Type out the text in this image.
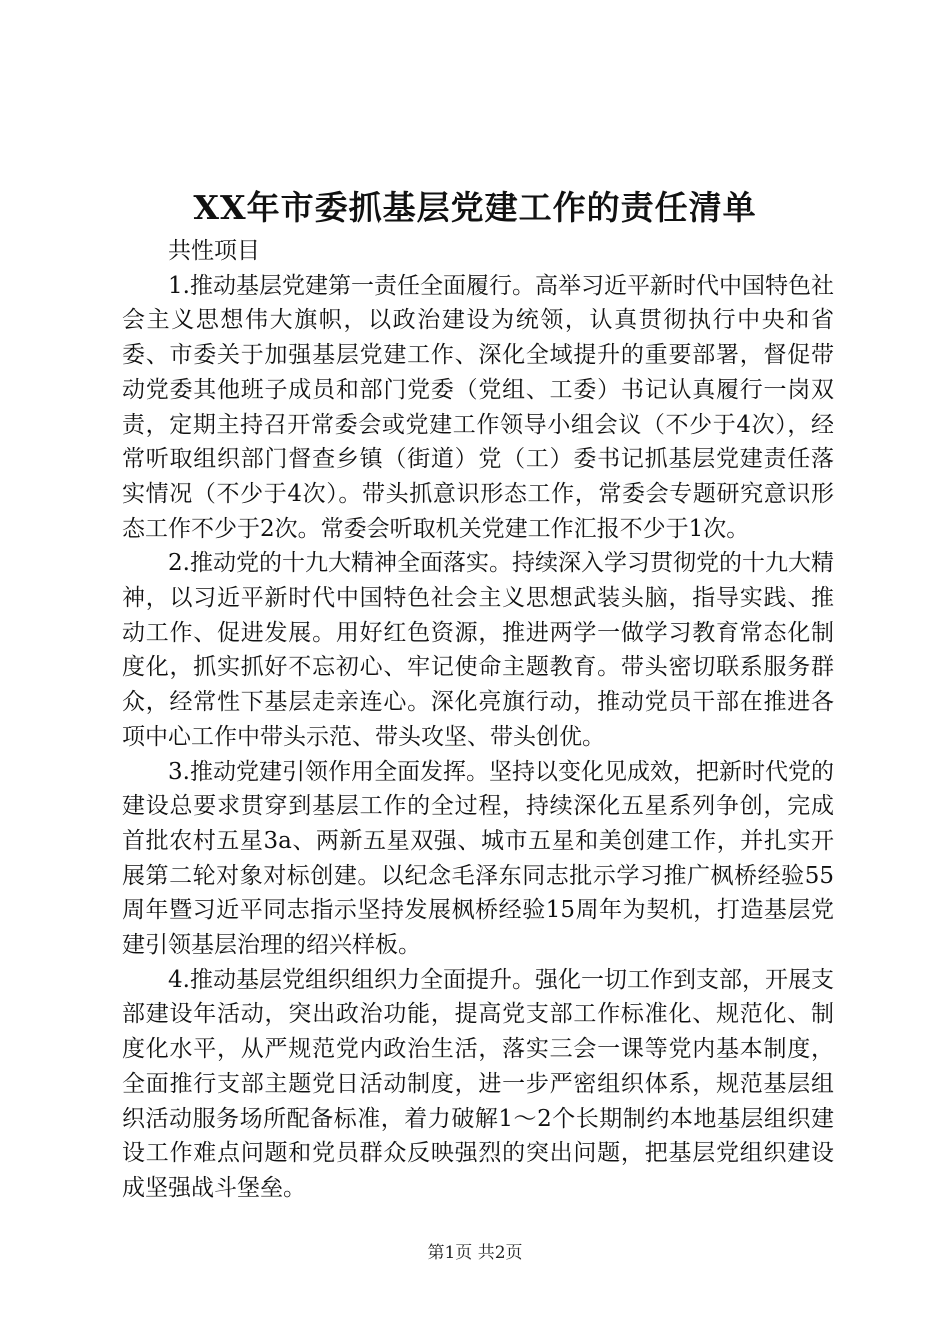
XX年市委抓基层党建工作的责任清单

共性项目

1.推动基层党建第一责任全面履行。高举习近平新时代中国特色社会主义思想伟大旗帜，以政治建设为统领，认真贯彻执行中央和省委、市委关于加强基层党建工作、深化全域提升的重要部署，督促带动党委其他班子成员和部门党委（党组、工委）书记认真履行一岗双责，定期主持召开常委会或党建工作领导小组会议（不少于4次），经常听取组织部门督查乡镇（街道）党（工）委书记抓基层党建责任落实情况（不少于4次）。带头抓意识形态工作，常委会专题研究意识形态工作不少于2次。常委会听取机关党建工作汇报不少于1次。

2.推动党的十九大精神全面落实。持续深入学习贯彻党的十九大精神，以习近平新时代中国特色社会主义思想武装头脑，指导实践、推动工作、促进发展。用好红色资源，推进两学一做学习教育常态化制度化，抓实抓好不忘初心、牢记使命主题教育。带头密切联系服务群众，经常性下基层走亲连心。深化亮旗行动，推动党员干部在推进各项中心工作中带头示范、带头攻坚、带头创优。

3.推动党建引领作用全面发挥。坚持以变化见成效，把新时代党的建设总要求贯穿到基层工作的全过程，持续深化五星系列争创，完成首批农村五星3a、两新五星双强、城市五星和美创建工作，并扎实开展第二轮对象对标创建。以纪念毛泽东同志批示学习推广枫桥经验55周年暨习近平同志指示坚持发展枫桥经验15周年为契机，打造基层党建引领基层治理的绍兴样板。

4.推动基层党组织组织力全面提升。强化一切工作到支部，开展支部建设年活动，突出政治功能，提高党支部工作标准化、规范化、制度化水平，从严规范党内政治生活，落实三会一课等党内基本制度，全面推行支部主题党日活动制度，进一步严密组织体系，规范基层组织活动服务场所配备标准，着力破解1～2个长期制约本地基层组织建设工作难点问题和党员群众反映强烈的突出问题，把基层党组织建设成坚强战斗堡垒。

第1页 共2页
